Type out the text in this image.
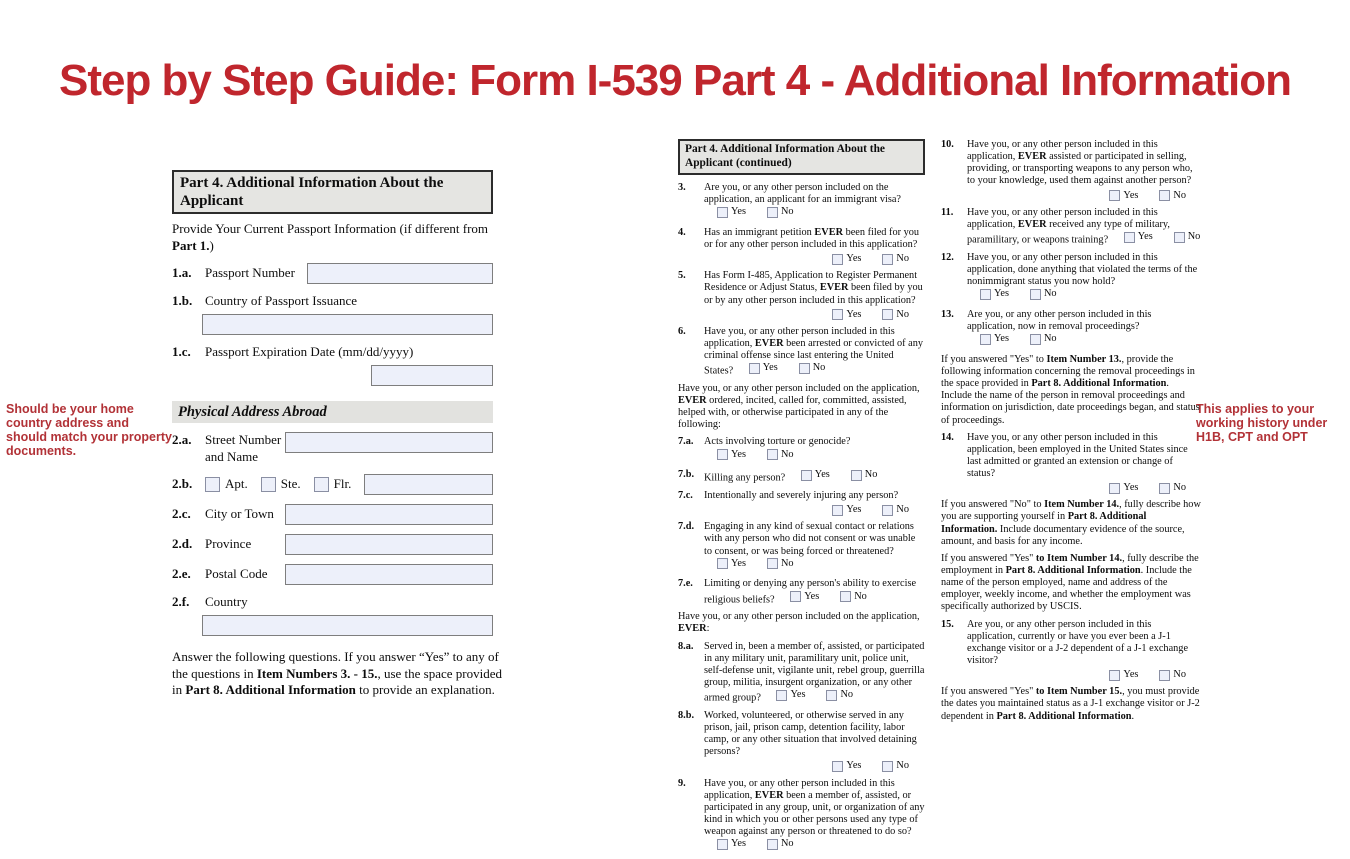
Step by Step Guide: Form I-539 Part 4 - Additional Information
Should be your home country address and should match your property documents.
This applies to your working history under H1B, CPT and OPT
Part 4. Additional Information About the Applicant

Provide Your Current Passport Information (if different from Part 1.)

1.a.	Passport Number
1.b. Country of Passport Issuance
1.c.	Passport Expiration Date (mm/dd/yyyy)
Physical Address Abroad
2.a.	Street Number and Name
2.b.	Apt.	Ste.	Flr.
2.c.	City or Town
2.d. Province
2.e.	Postal Code
2.f.	Country

Answer the following questions. If you answer “Yes” to any of the questions in Item Numbers 3. - 15., use the space provided in Part 8. Additional Information to provide an explanation.

Part 4. Additional Information About the Applicant (continued)
3.	Are you, or any other person included on the application, an applicant for an immigrant visa?
Yes	No
4.	Has an immigrant petition EVER been filed for you or for any other person included in this application?
Yes	No
5.	Has Form I-485, Application to Register Permanent Residence or Adjust Status, EVER been filed by you or by any other person included in this application?
Yes	No
6.	Have you, or any other person included in this application, EVER been arrested or convicted of any criminal offense since last entering the United States?	Yes	No
Have you, or any other person included on the application, EVER ordered, incited, called for, committed, assisted, helped with, or otherwise participated in any of the following:
7.a.	Acts involving torture or genocide?
Yes	No
7.b. Killing any person?	Yes	No
7.c.	Intentionally and severely injuring any person?
Yes	No
7.d. Engaging in any kind of sexual contact or relations with any person who did not consent or was unable to consent, or was being forced or threatened?
Yes	No
7.e.	Limiting or denying any person's ability to exercise religious beliefs?	Yes	No
Have you, or any other person included on the application, EVER:
8.a.	Served in, been a member of, assisted, or participated in any military unit, paramilitary unit, police unit, self-defense unit, vigilante unit, rebel group, guerrilla group, militia, insurgent organization, or any other armed group?	Yes	No
8.b. Worked, volunteered, or otherwise served in any prison, jail, prison camp, detention facility, labor camp, or any other situation that involved detaining persons?
Yes	No
9.	Have you, or any other person included in this application, EVER been a member of, assisted, or participated in any group, unit, or organization of any kind in which you or other persons used any type of weapon against any person or threatened to do so?
Yes	No
10.	Have you, or any other person included in this application, EVER assisted or participated in selling, providing, or transporting weapons to any person who, to your knowledge, used them against another person?
Yes	No
11.	Have you, or any other person included in this application, EVER received any type of military, paramilitary, or weapons training?	Yes	No
12.	Have you, or any other person included in this application, done anything that violated the terms of the nonimmigrant status you now hold?
Yes	No
13.	Are you, or any other person included in this application, now in removal proceedings?
Yes	No
If you answered "Yes" to Item Number 13., provide the following information concerning the removal proceedings in the space provided in Part 8. Additional Information. Include the name of the person in removal proceedings and information on jurisdiction, date proceedings began, and status of proceedings.
14.	Have you, or any other person included in this application, been employed in the United States since last admitted or granted an extension or change of status?
Yes	No
If you answered "No" to Item Number 14., fully describe how you are supporting yourself in Part 8. Additional Information. Include documentary evidence of the source, amount, and basis for any income.
If you answered "Yes" to Item Number 14., fully describe the employment in Part 8. Additional Information. Include the name of the person employed, name and address of the employer, weekly income, and whether the employment was specifically authorized by USCIS.
15.	Are you, or any other person included in this application, currently or have you ever been a J-1 exchange visitor or a J-2 dependent of a J-1 exchange visitor?
Yes	No
If you answered "Yes" to Item Number 15., you must provide the dates you maintained status as a J-1 exchange visitor or J-2 dependent in Part 8. Additional Information.
